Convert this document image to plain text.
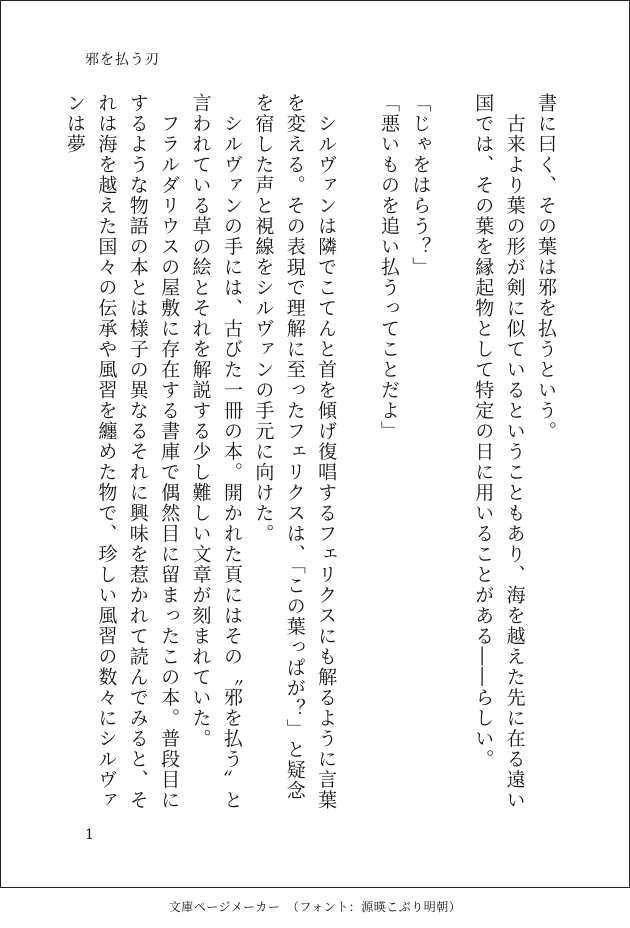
邪を払う刃

書に曰く、その葉は邪を払うという。

　古来より葉の形が剣に似ているということもあり、海を越えた先に在る遠い国では、その葉を縁起物として特定の日に用いることがある――らしい。

「じゃをはらう？」

「悪いものを追い払うってことだよ」

　シルヴァンは隣でこてんと首を傾げ復唱するフェリクスにも解るように言葉を変える。その表現で理解に至ったフェリクスは、「この葉っぱが？」と疑念を宿した声と視線をシルヴァンの手元に向けた。

　シルヴァンの手には、古びた一冊の本。開かれた頁にはその〝邪を払う〟と言われている草の絵とそれを解説する少し難しい文章が刻まれていた。

　フラルダリウスの屋敷に存在する書庫で偶然目に留まったこの本。普段目にするような物語の本とは様子の異なるそれに興味を惹かれて読んでみると、それは海を越えた国々の伝承や風習を纏めた物で、珍しい風習の数々にシルヴァンは夢

1
文庫ページメーカー　（フォント：源暎こぶり明朝）
